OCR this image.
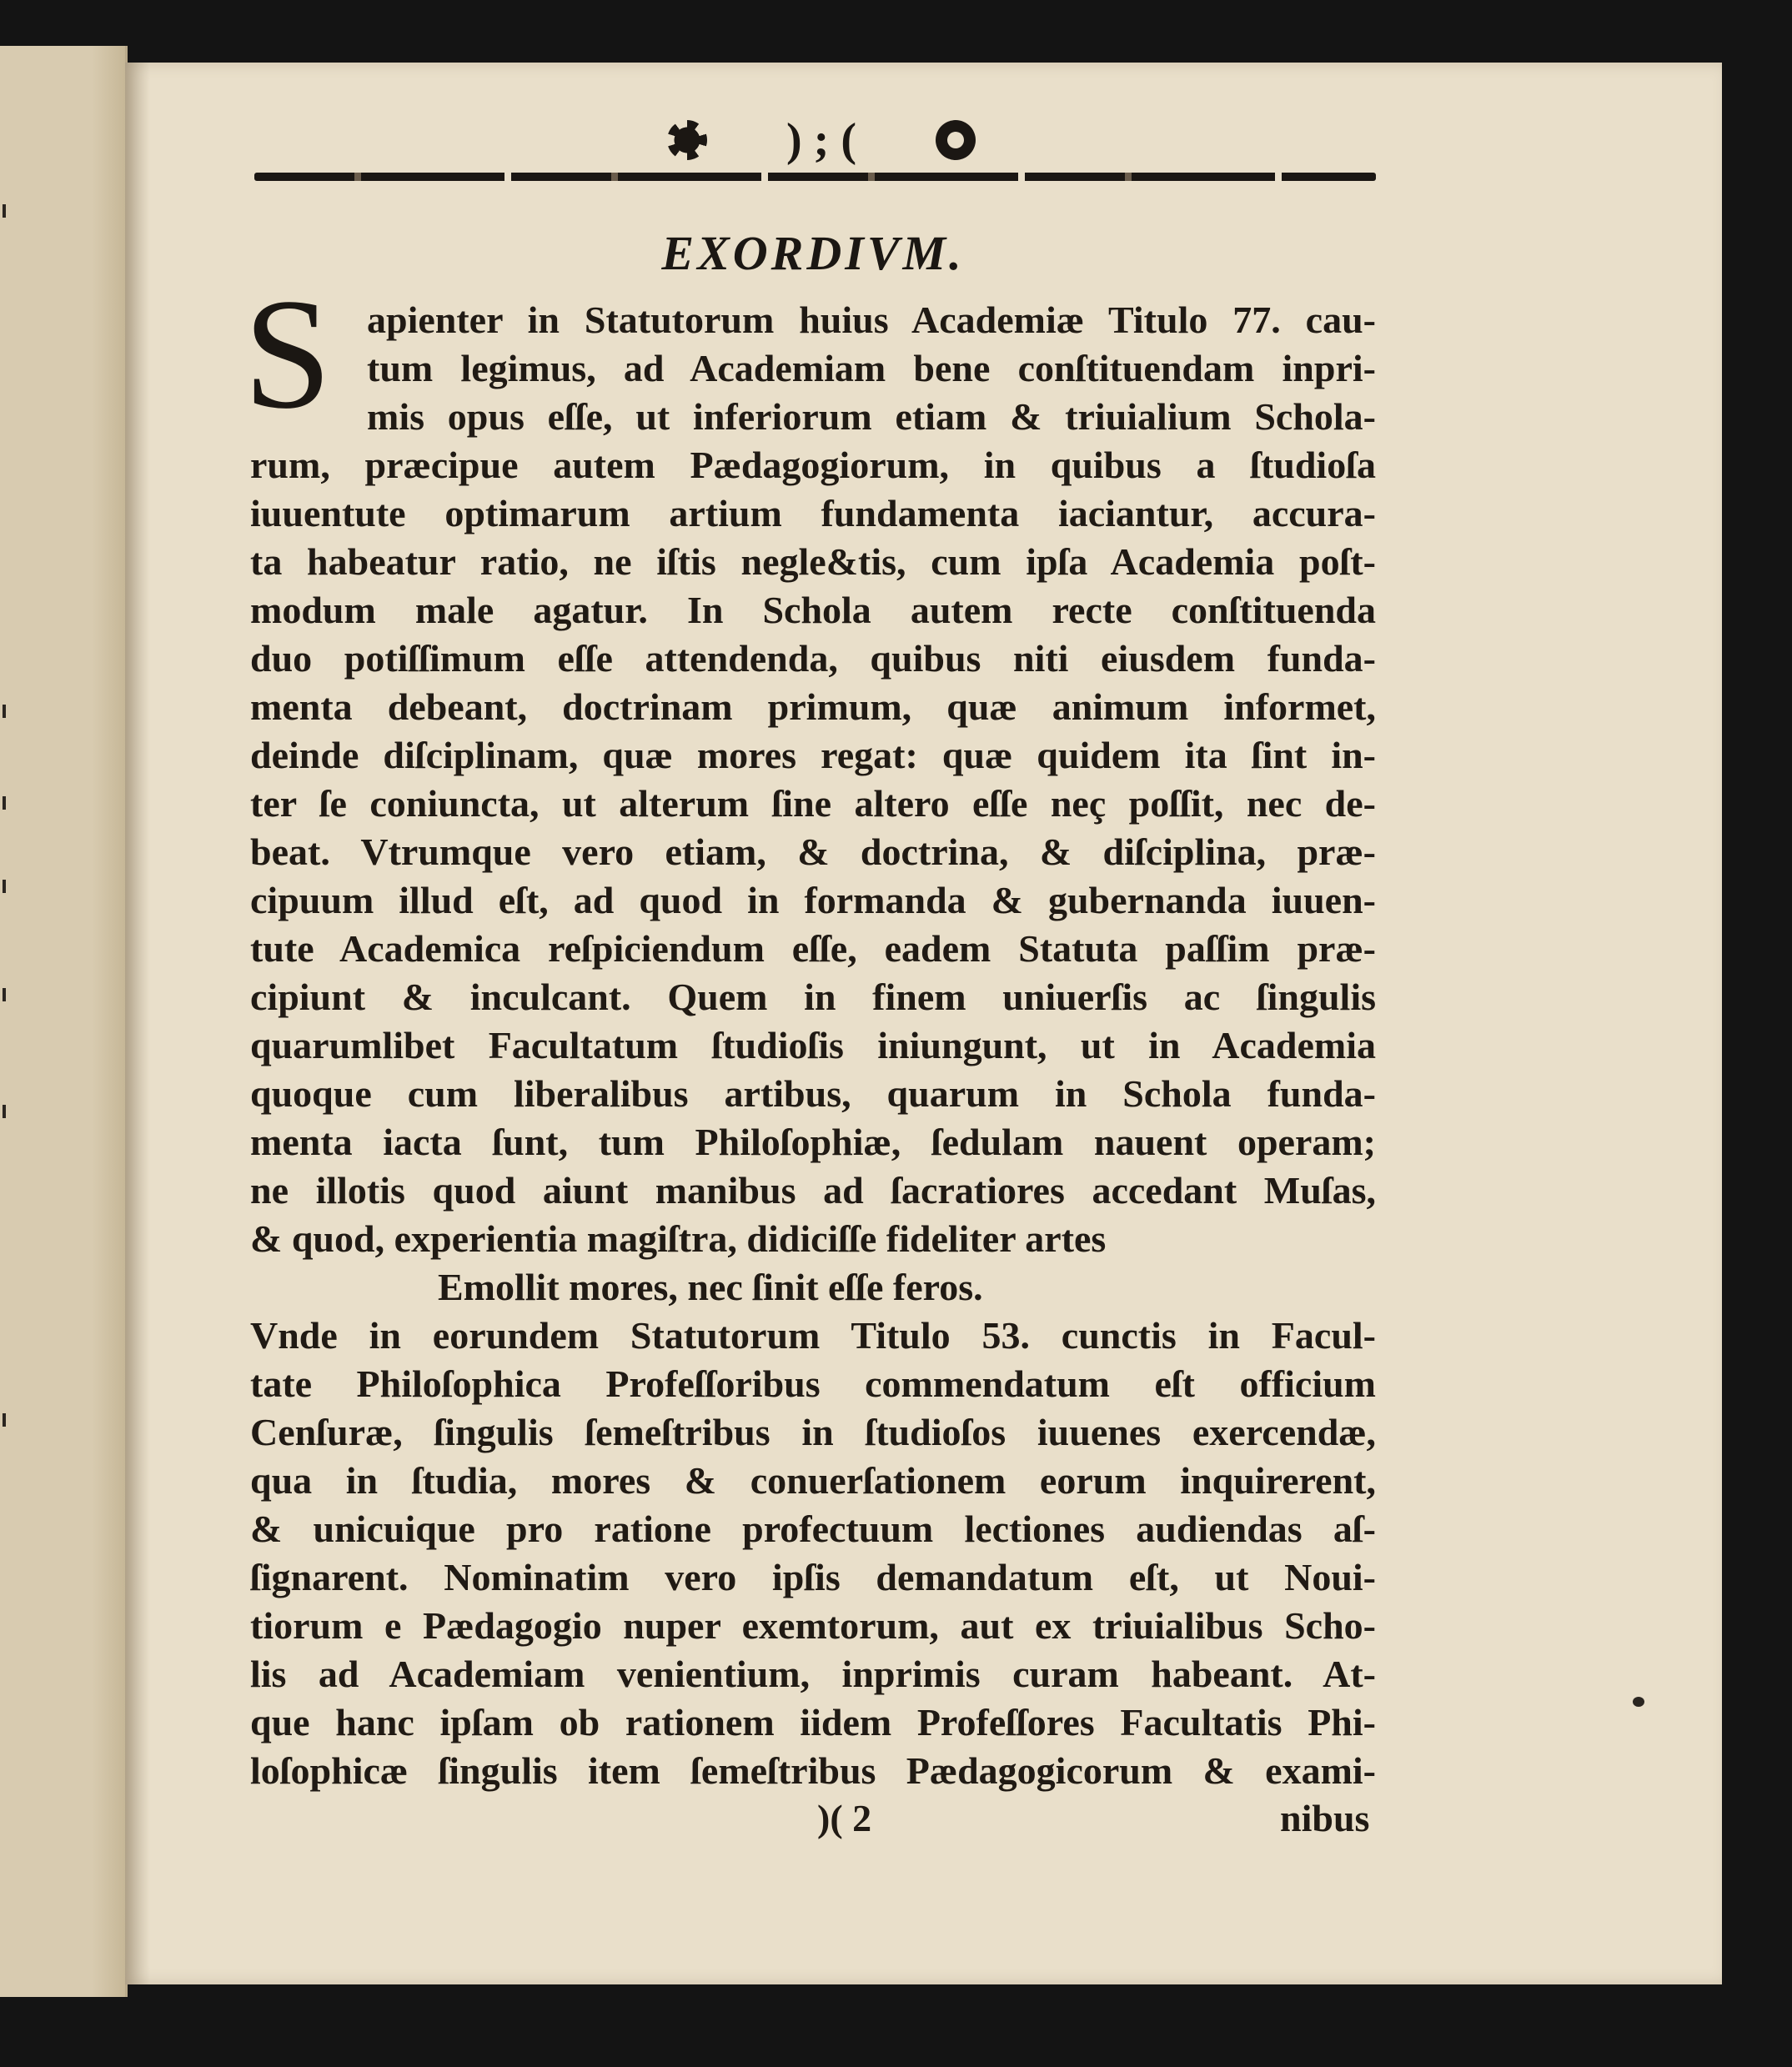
) ; (
EXORDIVM.
S apienter in Statutorum huius Academiæ Titulo 77. cau-

tum legimus, ad Academiam bene conſtituendam inpri-

mis opus eſſe, ut inferiorum etiam & triuialium Schola-

rum, præcipue autem Pædagogiorum, in quibus a ſtudioſa

iuuentute optimarum artium fundamenta iaciantur, accura-

ta habeatur ratio, ne iſtis negle&tis, cum ipſa Academia poſt-

modum male agatur. In Schola autem recte conſtituenda

duo potiſſimum eſſe attendenda, quibus niti eiusdem funda-

menta debeant, doctrinam primum, quæ animum informet,

deinde diſciplinam, quæ mores regat: quæ quidem ita ſint in-

ter ſe coniuncta, ut alterum ſine altero eſſe neç poſſit, nec de-

beat. Vtrumque vero etiam, & doctrina, & diſciplina, præ-

cipuum illud eſt, ad quod in formanda & gubernanda iuuen-

tute Academica reſpiciendum eſſe, eadem Statuta paſſim præ-

cipiunt & inculcant. Quem in finem uniuerſis ac ſingulis

quarumlibet Facultatum ſtudioſis iniungunt, ut in Academia

quoque cum liberalibus artibus, quarum in Schola funda-

menta iacta ſunt, tum Philoſophiæ, ſedulam nauent operam;

ne illotis quod aiunt manibus ad ſacratiores accedant Muſas,

& quod, experientia magiſtra, didiciſſe fideliter artes

Emollit mores, nec ſinit eſſe feros.

Vnde in eorundem Statutorum Titulo 53. cunctis in Facul-

tate Philoſophica Profeſſoribus commendatum eſt officium

Cenſuræ, ſingulis ſemeſtribus in ſtudioſos iuuenes exercendæ,

qua in ſtudia, mores & conuerſationem eorum inquirerent,

& unicuique pro ratione profectuum lectiones audiendas aſ-

ſignarent. Nominatim vero ipſis demandatum eſt, ut Noui-

tiorum e Pædagogio nuper exemtorum, aut ex triuialibus Scho-

lis ad Academiam venientium, inprimis curam habeant. At-

que hanc ipſam ob rationem iidem Profeſſores Facultatis Phi-

loſophicæ ſingulis item ſemeſtribus Pædagogicorum & exami-

)( 2	nibus
